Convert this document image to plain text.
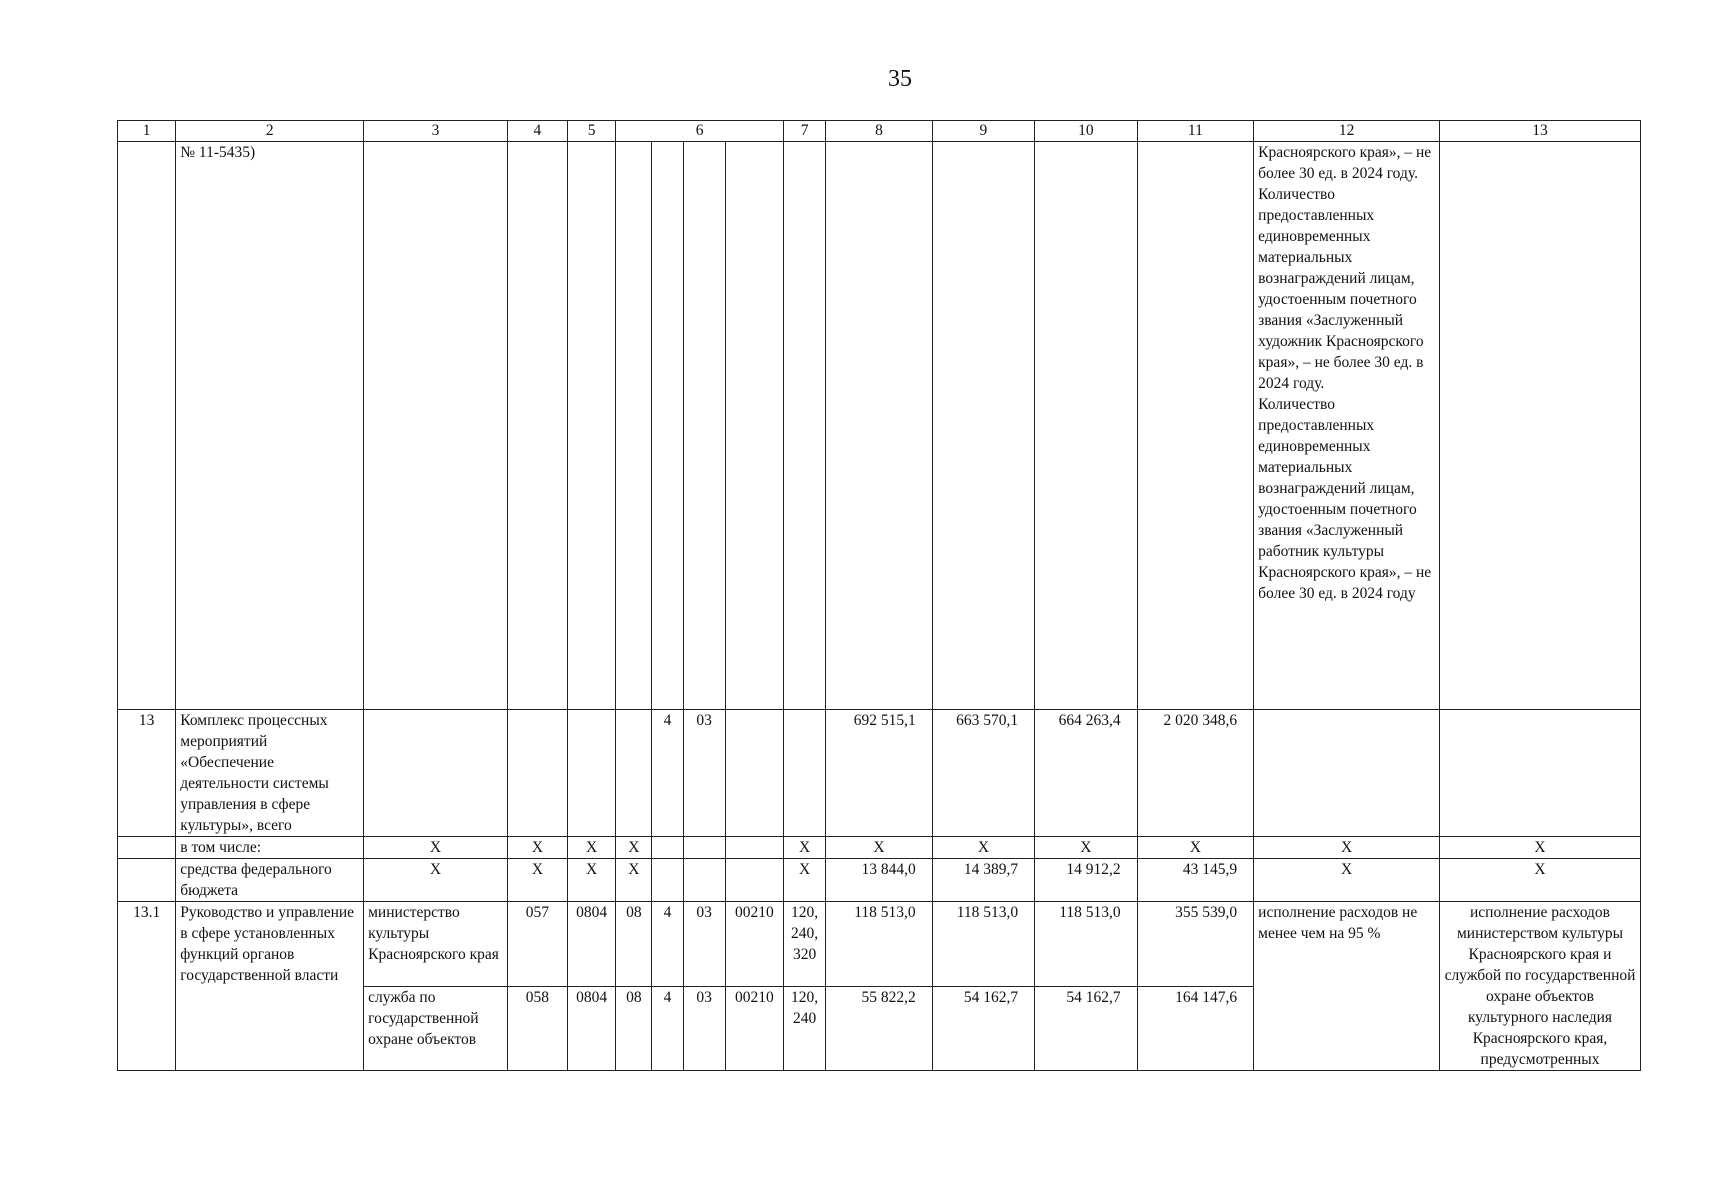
35
1	2	3	4	5	6				7	8	9	10	11	12	13
	№ 11-5435)													Красноярского края», – не более 30 ед. в 2024 году.
Количество предоставленных единовременных материальных вознаграждений лицам, удостоенным почетного звания «Заслуженный художник Красноярского края», – не более 30 ед. в 2024 году.
Количество предоставленных единовременных материальных вознаграждений лицам, удостоенным почетного звания «Заслуженный работник культуры Красноярского края», – не более 30 ед. в 2024 году	
13	Комплекс процессных мероприятий «Обеспечение деятельности системы управления в сфере культуры», всего					4	03			692 515,1	663 570,1	664 263,4	2 020 348,6		
	в том числе:	Х	Х	Х	Х				Х	Х	Х	Х	Х	Х	Х
	средства федерального бюджета	Х	Х	Х	Х				Х	13 844,0	14 389,7	14 912,2	43 145,9	Х	Х
13.1	Руководство и управление в сфере установленных функций органов государственной власти	министерство культуры Красноярского края	057	0804	08	4	03	00210	120, 240, 320	118 513,0	118 513,0	118 513,0	355 539,0	исполнение расходов не менее чем на 95 %	исполнение расходов министерством культуры Красноярского края и службой по государственной охране объектов культурного наследия Красноярского края, предусмотренных
		служба по государственной охране объектов	058	0804	08	4	03	00210	120, 240	55 822,2	54 162,7	54 162,7	164 147,6		
